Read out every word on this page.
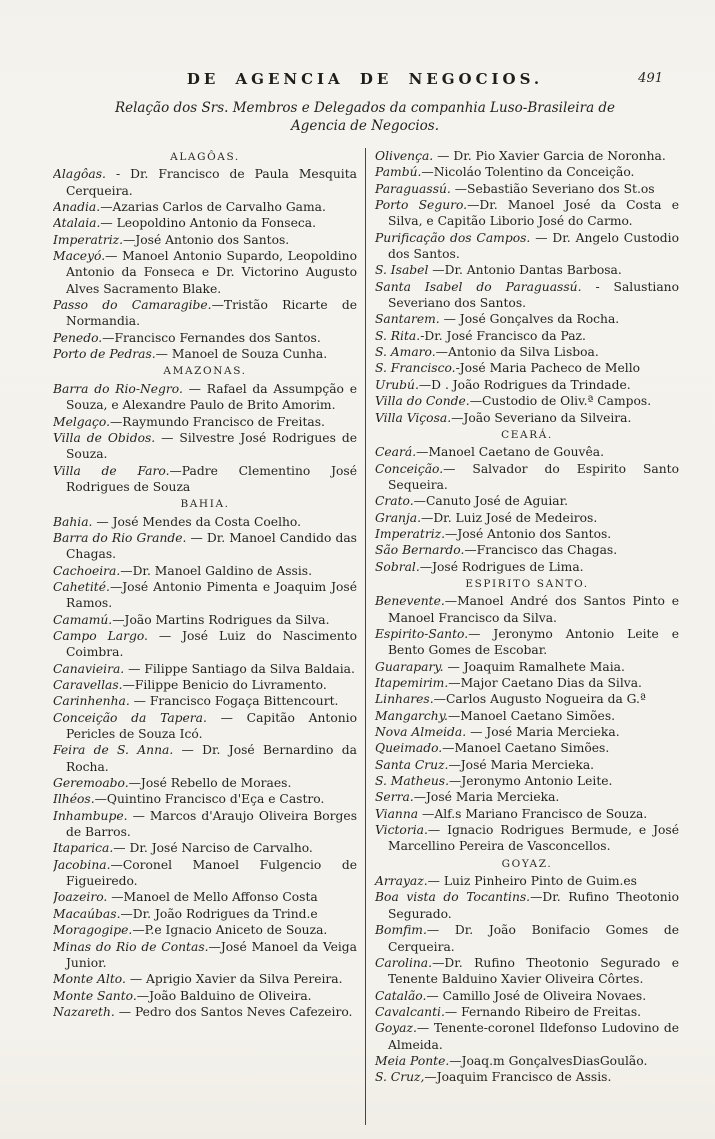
DE AGENCIA DE NEGOCIOS.	491
Relação dos Srs. Membros e Delegados da companhia Luso-Brasileira de
Agencia de Negocios.
ALAGÔAS.
Alagôas. - Dr. Francisco de Paula Mesquita Cerqueira.
Anadia.—Azarias Carlos de Carvalho Gama.
Atalaia.— Leopoldino Antonio da Fonseca.
Imperatriz.—José Antonio dos Santos.
Maceyó.— Manoel Antonio Supardo, Leopoldino Antonio da Fonseca e Dr. Victorino Augusto Alves Sacramento Blake.
Passo do Camaragibe.—Tristão Ricarte de Normandia.
Penedo.—Francisco Fernandes dos Santos.
Porto de Pedras.— Manoel de Souza Cunha.
AMAZONAS.
Barra do Rio-Negro. — Rafael da Assumpção e Souza, e Alexandre Paulo de Brito Amorim.
Melgaço.—Raymundo Francisco de Freitas.
Villa de Obidos. — Silvestre José Rodrigues de Souza.
Villa de Faro.—Padre Clementino José Rodrigues de Souza
BAHIA.
Bahia. — José Mendes da Costa Coelho.
Barra do Rio Grande. — Dr. Manoel Candido das Chagas.
Cachoeira.—Dr. Manoel Galdino de Assis.
Cahetité.—José Antonio Pimenta e Joaquim José Ramos.
Camamú.—João Martins Rodrigues da Silva.
Campo Largo. — José Luiz do Nascimento Coimbra.
Canavieira. — Filippe Santiago da Silva Baldaia.
Caravellas.—Filippe Benicio do Livramento.
Carinhenha. — Francisco Fogaça Bittencourt.
Conceição da Tapera. — Capitão Antonio Pericles de Souza Icó.
Feira de S. Anna. — Dr. José Bernardino da Rocha.
Geremoabo.—José Rebello de Moraes.
Ilhéos.—Quintino Francisco d'Eça e Castro.
Inhambupe. — Marcos d'Araujo Oliveira Borges de Barros.
Itaparica.— Dr. José Narciso de Carvalho.
Jacobina.—Coronel Manoel Fulgencio de Figueiredo.
Joazeiro. —Manoel de Mello Affonso Costa
Macaúbas.—Dr. João Rodrigues da Trind.e
Moragogipe.—P.e Ignacio Aniceto de Souza.
Minas do Rio de Contas.—José Manoel da Veiga Junior.
Monte Alto. — Aprigio Xavier da Silva Pereira.
Monte Santo.—João Balduino de Oliveira.
Nazareth. — Pedro dos Santos Neves Cafezeiro.
Olivença. — Dr. Pio Xavier Garcia de Noronha.
Pambú.—Nicoláo Tolentino da Conceição.
Paraguassú. —Sebastião Severiano dos St.os
Porto Seguro.—Dr. Manoel José da Costa e Silva, e Capitão Liborio José do Carmo.
Purificação dos Campos. — Dr. Angelo Custodio dos Santos.
S. Isabel —Dr. Antonio Dantas Barbosa.
Santa Isabel do Paraguassú. - Salustiano Severiano dos Santos.
Santarem. — José Gonçalves da Rocha.
S. Rita.-Dr. José Francisco da Paz.
S. Amaro.—Antonio da Silva Lisboa.
S. Francisco.-José Maria Pacheco de Mello
Urubú.—D . João Rodrigues da Trindade.
Villa do Conde.—Custodio de Oliv.ª Campos.
Villa Viçosa.—João Severiano da Silveira.
CEARÁ.
Ceará.—Manoel Caetano de Gouvêa.
Conceição.— Salvador do Espirito Santo Sequeira.
Crato.—Canuto José de Aguiar.
Granja.—Dr. Luiz José de Medeiros.
Imperatriz.—José Antonio dos Santos.
São Bernardo.—Francisco das Chagas.
Sobral.—José Rodrigues de Lima.
ESPIRITO SANTO.
Benevente.—Manoel André dos Santos Pinto e Manoel Francisco da Silva.
Espirito-Santo.— Jeronymo Antonio Leite e Bento Gomes de Escobar.
Guarapary. — Joaquim Ramalhete Maia.
Itapemirim.—Major Caetano Dias da Silva.
Linhares.—Carlos Augusto Nogueira da G.ª
Mangarchy.—Manoel Caetano Simões.
Nova Almeida. — José Maria Mercieka.
Queimado.—Manoel Caetano Simões.
Santa Cruz.—José Maria Mercieka.
S. Matheus.—Jeronymo Antonio Leite.
Serra.—José Maria Mercieka.
Vianna —Alf.s Mariano Francisco de Souza.
Victoria.— Ignacio Rodrigues Bermude, e José Marcellino Pereira de Vasconcellos.
GOYAZ.
Arrayaz.— Luiz Pinheiro Pinto de Guim.es
Boa vista do Tocantins.—Dr. Rufino Theotonio Segurado.
Bomfim.— Dr. João Bonifacio Gomes de Cerqueira.
Carolina.—Dr. Rufino Theotonio Segurado e Tenente Balduino Xavier Oliveira Côrtes.
Catalão.— Camillo José de Oliveira Novaes.
Cavalcanti.— Fernando Ribeiro de Freitas.
Goyaz.— Tenente-coronel Ildefonso Ludovino de Almeida.
Meia Ponte.—Joaq.m GonçalvesDiasGoulão.
S. Cruz,—Joaquim Francisco de Assis.
